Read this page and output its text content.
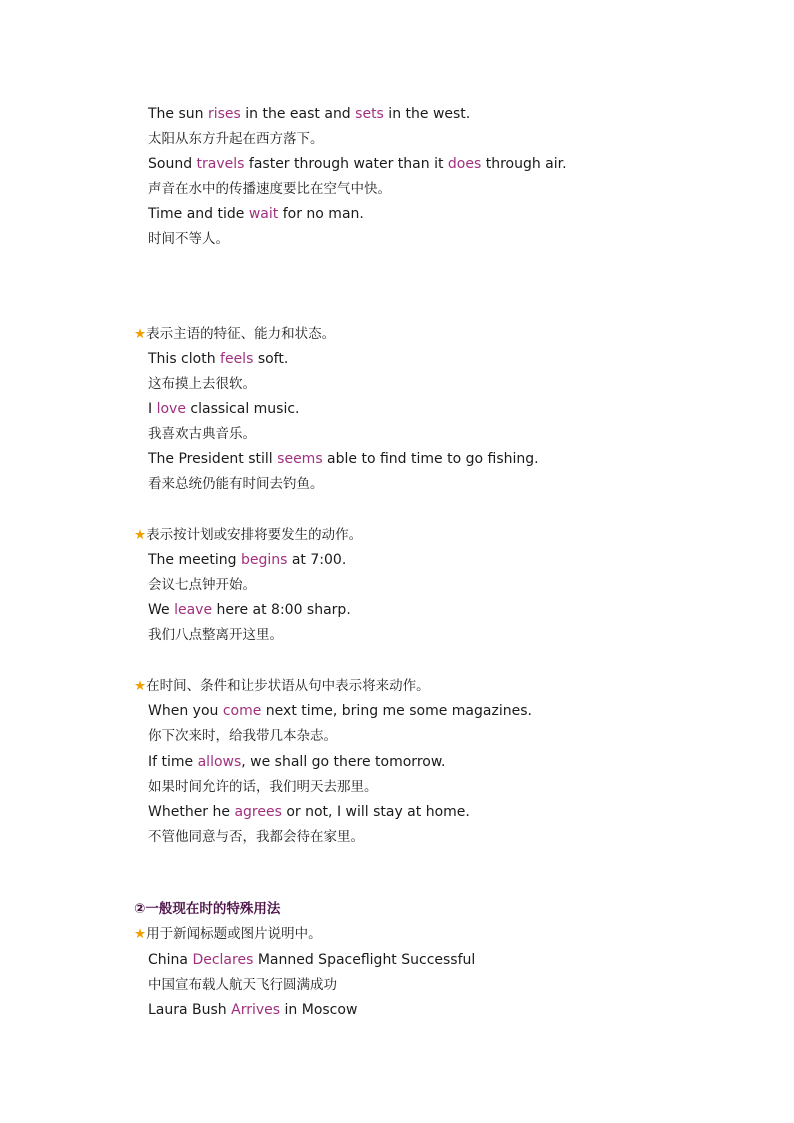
The sun rises in the east and sets in the west.
太阳从东方升起在西方落下。
Sound travels faster through water than it does through air.
声音在水中的传播速度要比在空气中快。
Time and tide wait for no man.
时间不等人。
★表示主语的特征、能力和状态。
This cloth feels soft.
这布摸上去很软。
I love classical music.
我喜欢古典音乐。
The President still seems able to find time to go fishing.
看来总统仍能有时间去钓鱼。
★表示按计划或安排将要发生的动作。
The meeting begins at 7:00.
会议七点钟开始。
We leave here at 8:00 sharp.
我们八点整离开这里。
★在时间、条件和让步状语从句中表示将来动作。
When you come next time, bring me some magazines.
你下次来时，给我带几本杂志。
If time allows, we shall go there tomorrow.
如果时间允许的话，我们明天去那里。
Whether he agrees or not, I will stay at home.
不管他同意与否，我都会待在家里。
②一般现在时的特殊用法
★用于新闻标题或图片说明中。
China Declares Manned Spaceflight Successful
中国宣布载人航天飞行圆满成功
Laura Bush Arrives in Moscow
